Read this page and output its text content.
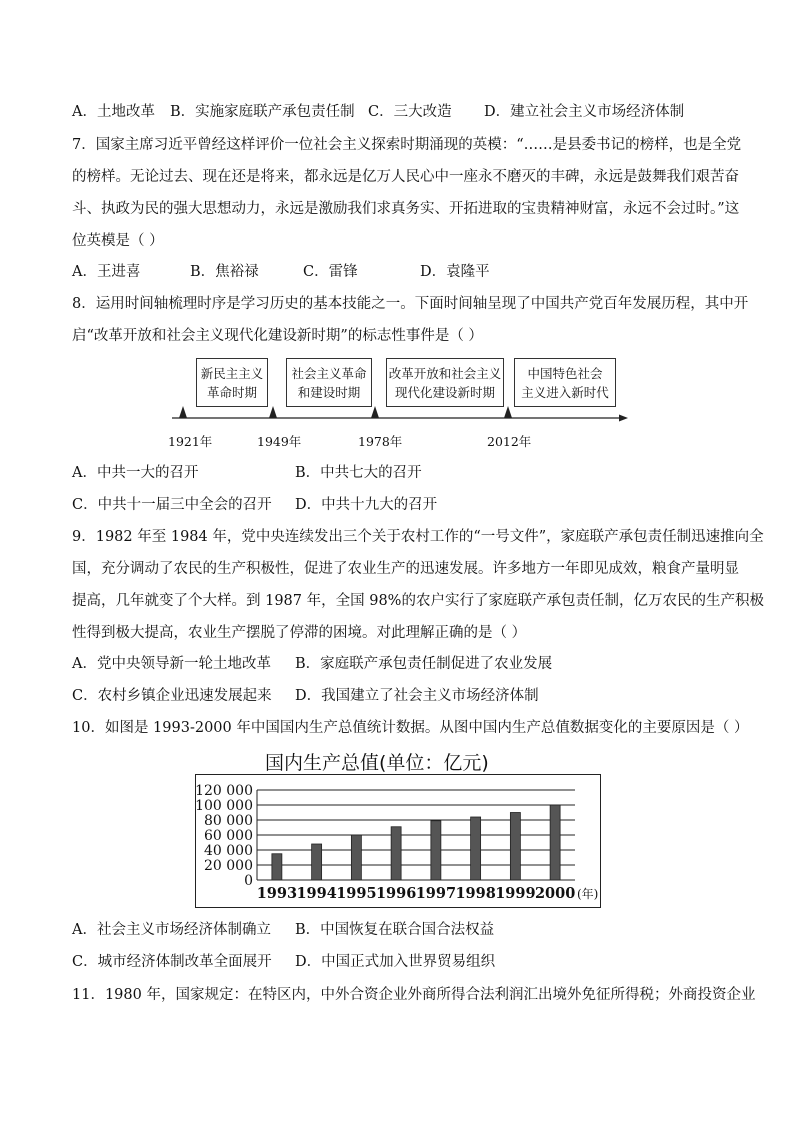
A．土地改革 B．实施家庭联产承包责任制 C．三大改造 D．建立社会主义市场经济体制
7．国家主席习近平曾经这样评价一位社会主义探索时期涌现的英模：“……是县委书记的榜样，也是全党
的榜样。无论过去、现在还是将来，都永远是亿万人民心中一座永不磨灭的丰碑，永远是鼓舞我们艰苦奋
斗、执政为民的强大思想动力，永远是激励我们求真务实、开拓进取的宝贵精神财富，永远不会过时。”这
位英模是（ ）
A．王进喜	B．焦裕禄	C．雷锋	D．袁隆平
8．运用时间轴梳理时序是学习历史的基本技能之一。下面时间轴呈现了中国共产党百年发展历程，其中开
启“改革开放和社会主义现代化建设新时期”的标志性事件是（ ）
新民主主义
革命时期
社会主义革命
和建设时期
改革开放和社会主义
现代化建设新时期
中国特色社会
主义进入新时代
1921年	1949年	1978年	2012年
A．中共一大的召开	B．中共七大的召开
C．中共十一届三中全会的召开 D．中共十九大的召开
9．1982 年至 1984 年，党中央连续发出三个关于农村工作的“一号文件”，家庭联产承包责任制迅速推向全
国，充分调动了农民的生产积极性，促进了农业生产的迅速发展。许多地方一年即见成效，粮食产量明显
提高，几年就变了个大样。到 1987 年，全国 98%的农户实行了家庭联产承包责任制，亿万农民的生产积极
性得到极大提高，农业生产摆脱了停滞的困境。对此理解正确的是（ ）
A．党中央领导新一轮土地改革 B．家庭联产承包责任制促进了农业发展
C．农村乡镇企业迅速发展起来 D．我国建立了社会主义市场经济体制
10．如图是 1993-2000 年中国国内生产总值统计数据。从图中国内生产总值数据变化的主要原因是（ ）
国内生产总值(单位：亿元)
0
20 000
40 000
60 000
80 000
100 000
120 000
1993 1994 1995 1996 1997 1998 1999 2000 (年)
A．社会主义市场经济体制确立 B．中国恢复在联合国合法权益
C．城市经济体制改革全面展开 D．中国正式加入世界贸易组织
11．1980 年，国家规定：在特区内，中外合资企业外商所得合法利润汇出境外免征所得税；外商投资企业
